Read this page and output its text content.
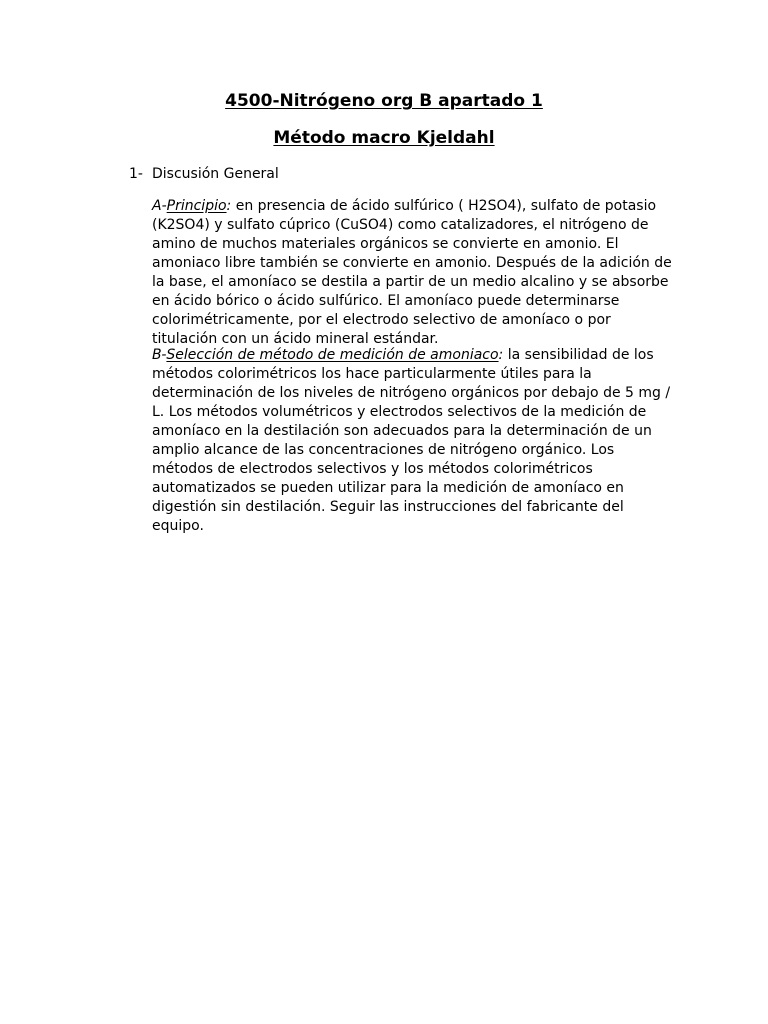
4500-Nitrógeno org B apartado 1
Método macro Kjeldahl
1- Discusión General
A-Principio: en presencia de ácido sulfúrico ( H2SO4), sulfato de potasio (K2SO4) y sulfato cúprico (CuSO4) como catalizadores, el nitrógeno de amino de muchos materiales orgánicos se convierte en amonio. El amoniaco libre también se convierte en amonio. Después de la adición de la base, el amoníaco se destila a partir de un medio alcalino y se absorbe en ácido bórico o ácido sulfúrico. El amoníaco puede determinarse colorimétricamente, por el electrodo selectivo de amoníaco o por titulación con un ácido mineral estándar.
B-Selección de método de medición de amoniaco: la sensibilidad de los métodos colorimétricos los hace particularmente útiles para la determinación de los niveles de nitrógeno orgánicos por debajo de 5 mg / L. Los métodos volumétricos y electrodos selectivos de la medición de amoníaco en la destilación son adecuados para la determinación de un amplio alcance de las concentraciones de nitrógeno orgánico. Los métodos de electrodos selectivos y los métodos colorimétricos automatizados se pueden utilizar para la medición de amoníaco en digestión sin destilación. Seguir las instrucciones del fabricante del equipo.
